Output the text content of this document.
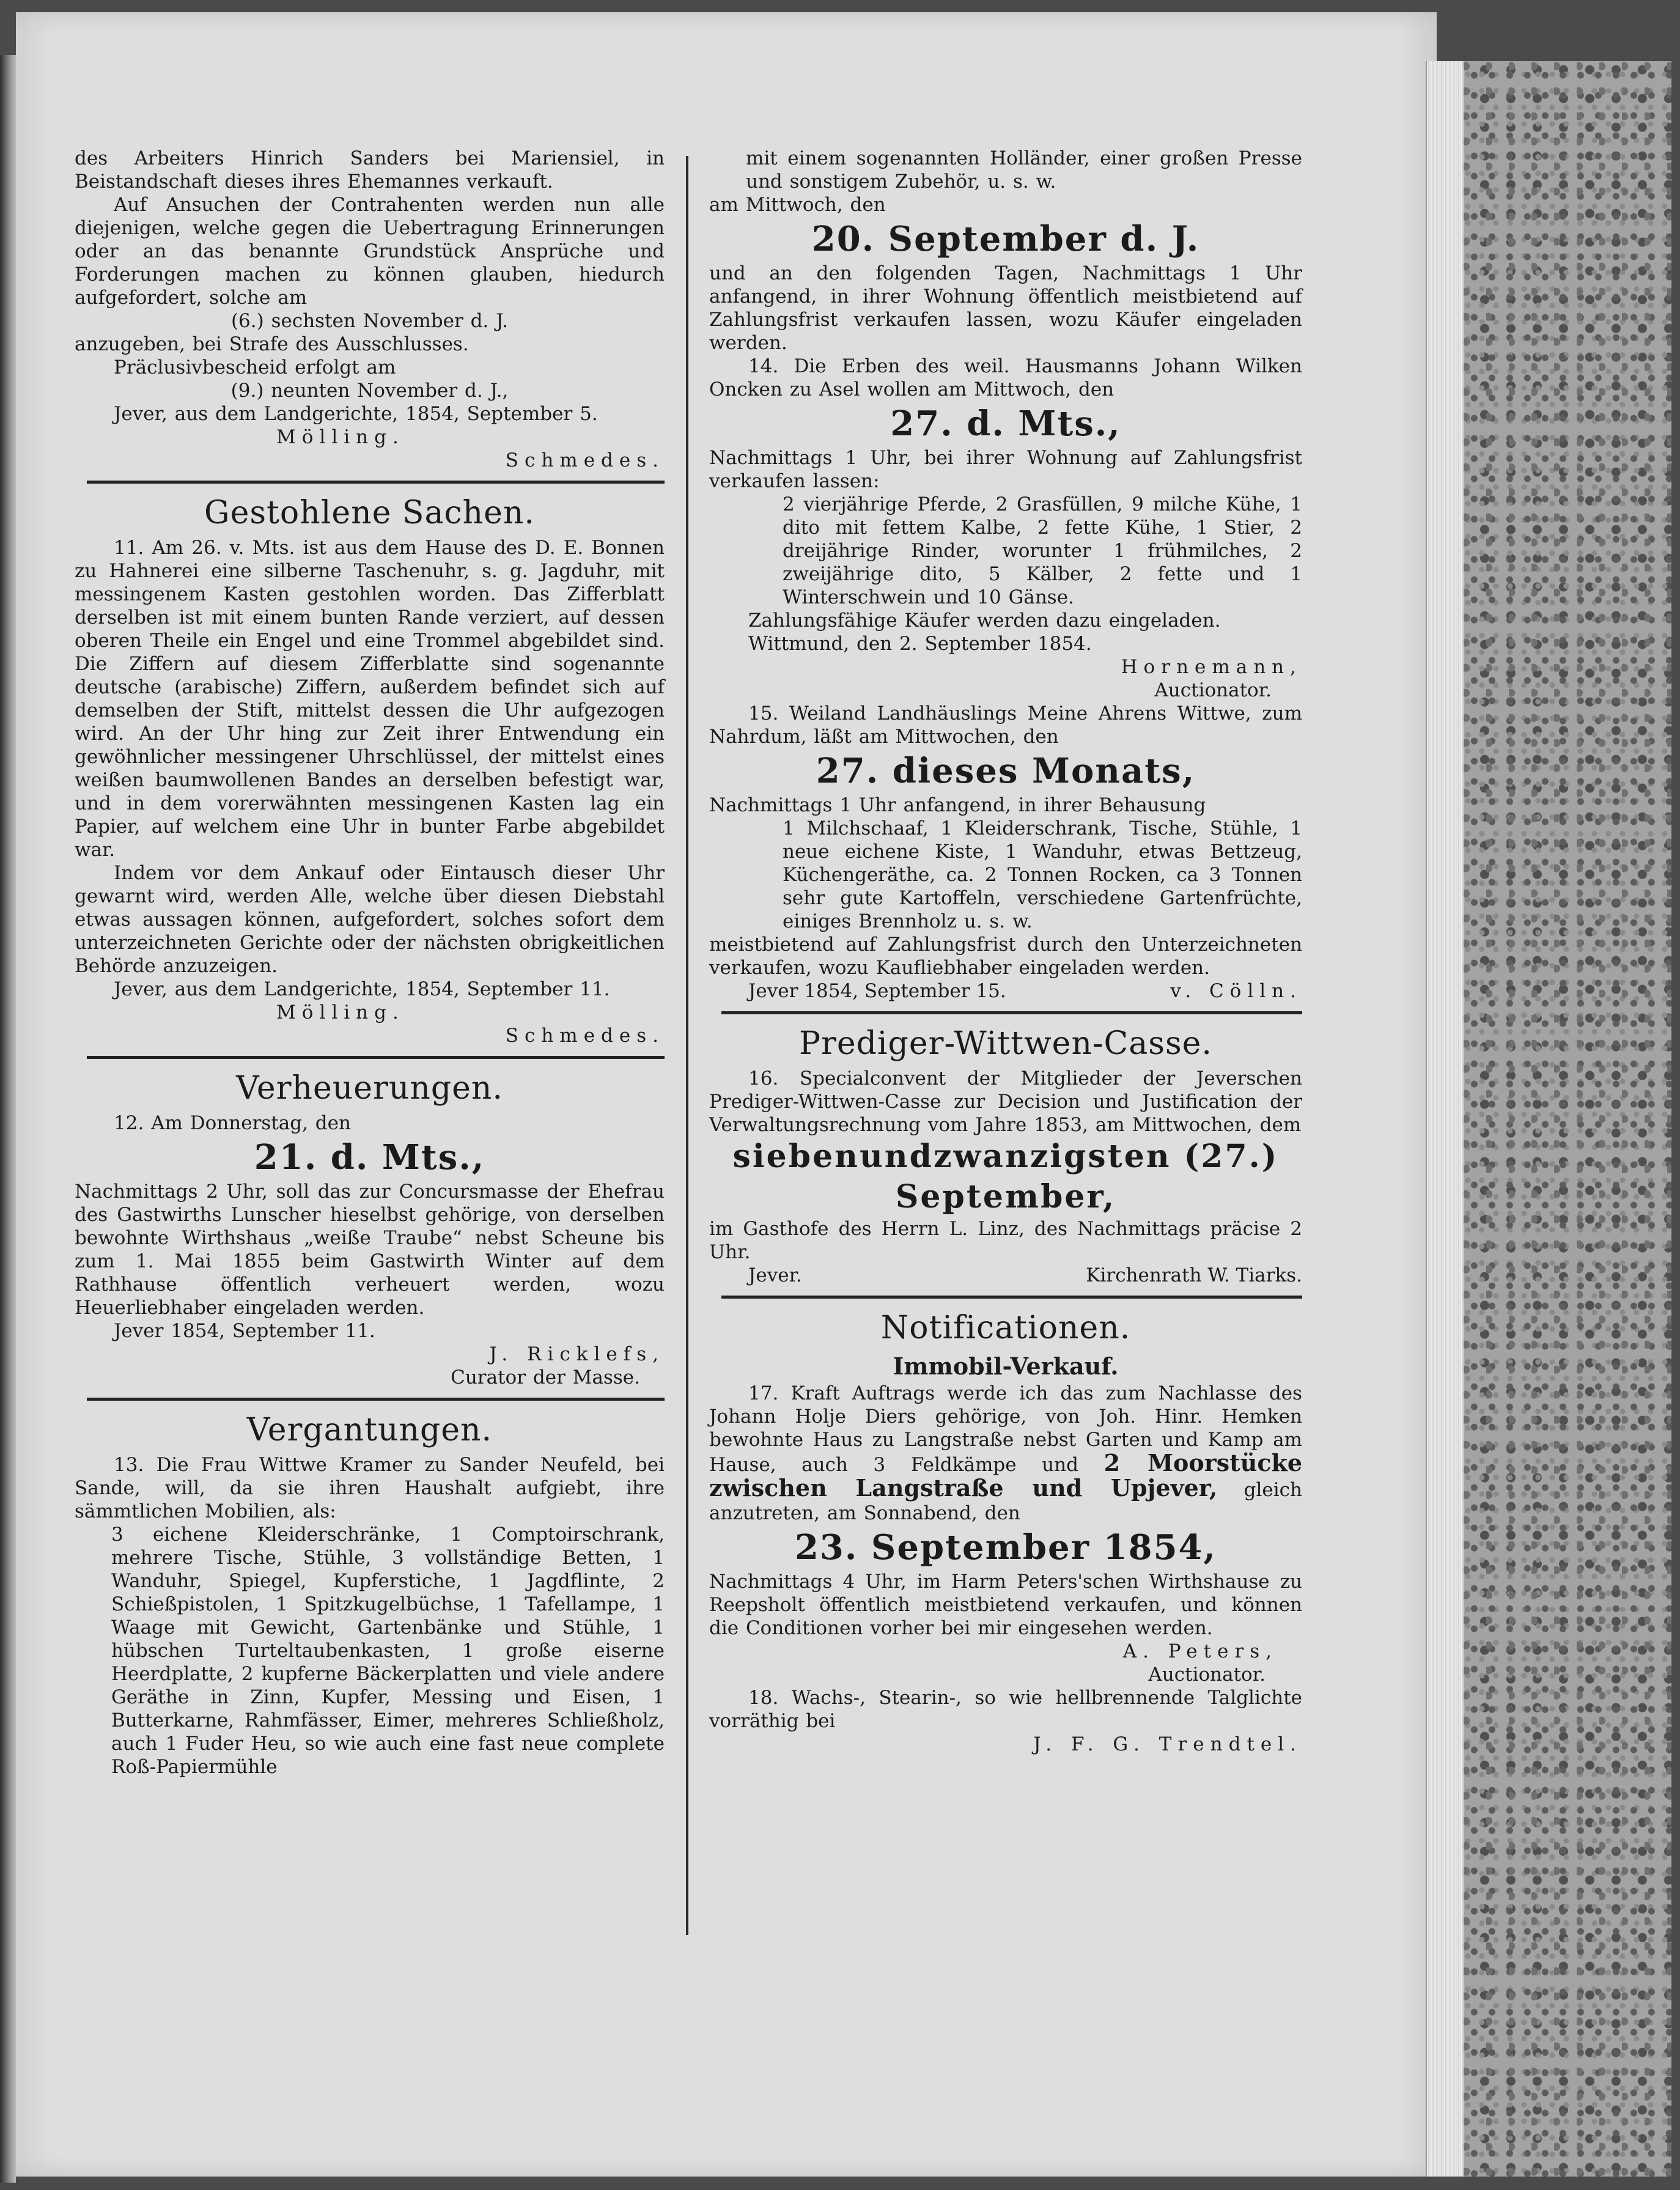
des Arbeiters Hinrich Sanders bei Mariensiel, in Beistandschaft dieses ihres Ehemannes verkauft.

Auf Ansuchen der Contrahenten werden nun alle diejenigen, welche gegen die Uebertragung Erinnerungen oder an das benannte Grundstück Ansprüche und Forderungen machen zu können glauben, hiedurch aufgefordert, solche am

(6.) sechsten November d. J.

anzugeben, bei Strafe des Ausschlusses.

Präclusivbescheid erfolgt am

(9.) neunten November d. J.,

Jever, aus dem Landgerichte, 1854, September 5.

Mölling.

Schmedes.

Gestohlene Sachen.

11. Am 26. v. Mts. ist aus dem Hause des D. E. Bonnen zu Hahnerei eine silberne Taschenuhr, s. g. Jagduhr, mit messingenem Kasten gestohlen worden. Das Zifferblatt derselben ist mit einem bunten Rande verziert, auf dessen oberen Theile ein Engel und eine Trommel abgebildet sind. Die Ziffern auf diesem Zifferblatte sind sogenannte deutsche (arabische) Ziffern, außerdem befindet sich auf demselben der Stift, mittelst dessen die Uhr aufgezogen wird. An der Uhr hing zur Zeit ihrer Entwendung ein gewöhnlicher messingener Uhrschlüssel, der mittelst eines weißen baumwollenen Bandes an derselben befestigt war, und in dem vorerwähnten messingenen Kasten lag ein Papier, auf welchem eine Uhr in bunter Farbe abgebildet war.

Indem vor dem Ankauf oder Eintausch dieser Uhr gewarnt wird, werden Alle, welche über diesen Diebstahl etwas aussagen können, aufgefordert, solches sofort dem unterzeichneten Gerichte oder der nächsten obrigkeitlichen Behörde anzuzeigen.

Jever, aus dem Landgerichte, 1854, September 11.

Mölling.

Schmedes.

Verheuerungen.

12. Am Donnerstag, den

21. d. Mts.,

Nachmittags 2 Uhr, soll das zur Concursmasse der Ehefrau des Gastwirths Lunscher hieselbst gehörige, von derselben bewohnte Wirthshaus „weiße Traube“ nebst Scheune bis zum 1. Mai 1855 beim Gastwirth Winter auf dem Rathhause öffentlich verheuert werden, wozu Heuerliebhaber eingeladen werden.

Jever 1854, September 11.

J. Ricklefs,

Curator der Masse.

Vergantungen.

13. Die Frau Wittwe Kramer zu Sander Neufeld, bei Sande, will, da sie ihren Haushalt aufgiebt, ihre sämmtlichen Mobilien, als:

3 eichene Kleiderschränke, 1 Comptoirschrank, mehrere Tische, Stühle, 3 vollständige Betten, 1 Wanduhr, Spiegel, Kupferstiche, 1 Jagdflinte, 2 Schießpistolen, 1 Spitzkugelbüchse, 1 Tafellampe, 1 Waage mit Gewicht, Gartenbänke und Stühle, 1 hübschen Turteltaubenkasten, 1 große eiserne Heerdplatte, 2 kupferne Bäckerplatten und viele andere Geräthe in Zinn, Kupfer, Messing und Eisen, 1 Butterkarne, Rahmfässer, Eimer, mehreres Schließholz, auch 1 Fuder Heu, so wie auch eine fast neue complete Roß-Papiermühle

mit einem sogenannten Holländer, einer großen Presse und sonstigem Zubehör, u. s. w.

am Mittwoch, den

20. September d. J.

und an den folgenden Tagen, Nachmittags 1 Uhr anfangend, in ihrer Wohnung öffentlich meistbietend auf Zahlungsfrist verkaufen lassen, wozu Käufer eingeladen werden.

14. Die Erben des weil. Hausmanns Johann Wilken Oncken zu Asel wollen am Mittwoch, den

27. d. Mts.,

Nachmittags 1 Uhr, bei ihrer Wohnung auf Zahlungsfrist verkaufen lassen:

2 vierjährige Pferde, 2 Grasfüllen, 9 milche Kühe, 1 dito mit fettem Kalbe, 2 fette Kühe, 1 Stier, 2 dreijährige Rinder, worunter 1 frühmilches, 2 zweijährige dito, 5 Kälber, 2 fette und 1 Winterschwein und 10 Gänse.

Zahlungsfähige Käufer werden dazu eingeladen.

Wittmund, den 2. September 1854.

Hornemann,

Auctionator.

15. Weiland Landhäuslings Meine Ahrens Wittwe, zum Nahrdum, läßt am Mittwochen, den

27. dieses Monats,

Nachmittags 1 Uhr anfangend, in ihrer Behausung

1 Milchschaaf, 1 Kleiderschrank, Tische, Stühle, 1 neue eichene Kiste, 1 Wanduhr, etwas Bettzeug, Küchengeräthe, ca. 2 Tonnen Rocken, ca 3 Tonnen sehr gute Kartoffeln, verschiedene Gartenfrüchte, einiges Brennholz u. s. w.

meistbietend auf Zahlungsfrist durch den Unterzeichneten verkaufen, wozu Kaufliebhaber eingeladen werden.

Jever 1854, September 15.	v. Cölln.
Prediger-Wittwen-Casse.

16. Specialconvent der Mitglieder der Jeverschen Prediger-Wittwen-Casse zur Decision und Justification der Verwaltungsrechnung vom Jahre 1853, am Mittwochen, dem

siebenundzwanzigsten (27.) September,

im Gasthofe des Herrn L. Linz, des Nachmittags präcise 2 Uhr.

Jever.	Kirchenrath W. Tiarks.
Notificationen.

Immobil-Verkauf.

17. Kraft Auftrags werde ich das zum Nachlasse des Johann Holje Diers gehörige, von Joh. Hinr. Hemken bewohnte Haus zu Langstraße nebst Garten und Kamp am Hause, auch 3 Feldkämpe und 2 Moorstücke zwischen Langstraße und Upjever, gleich anzutreten, am Sonnabend, den

23. September 1854,

Nachmittags 4 Uhr, im Harm Peters'schen Wirthshause zu Reepsholt öffentlich meistbietend verkaufen, und können die Conditionen vorher bei mir eingesehen werden.

A. Peters,

Auctionator.

18. Wachs-, Stearin-, so wie hellbrennende Talglichte vorräthig bei

J. F. G. Trendtel.
